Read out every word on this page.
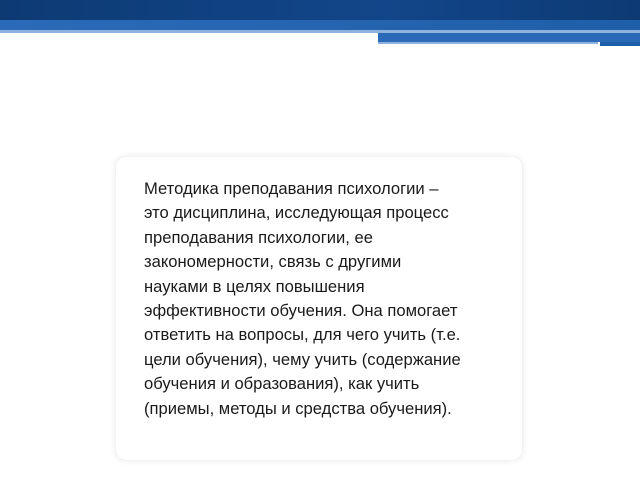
Методика преподавания психологии –
это дисциплина, исследующая процесс
преподавания психологии, ее
закономерности, связь с другими
науками в целях повышения
эффективности обучения. Она помогает
ответить на вопросы, для чего учить (т.е.
цели обучения), чему учить (содержание
обучения и образования), как учить
(приемы, методы и средства обучения).
